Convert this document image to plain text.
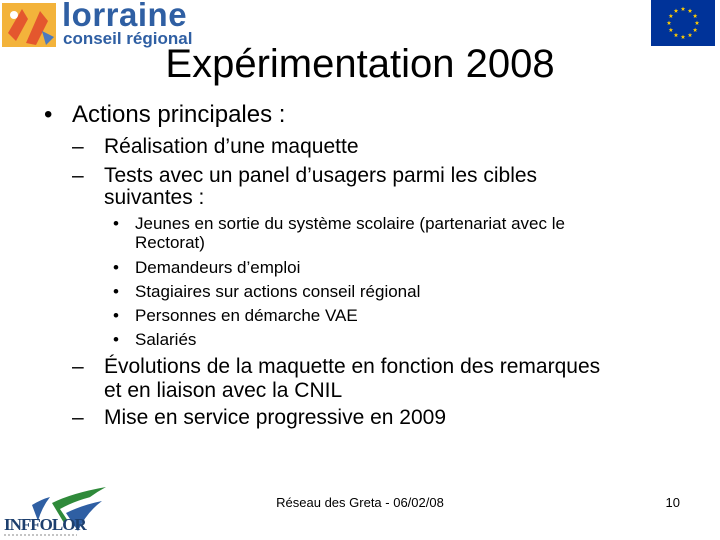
lorraine
conseil régional
Expérimentation 2008
• Actions principales :
– Réalisation d’une maquette
– Tests avec un panel d’usagers parmi les cibles
suivantes :
• Jeunes en sortie du système scolaire (partenariat avec le
Rectorat)
• Demandeurs d’emploi
• Stagiaires sur actions conseil régional
• Personnes en démarche VAE
• Salariés
– Évolutions de la maquette en fonction des remarques
et en liaison avec la CNIL
– Mise en service progressive en 2009
INFFOLOR
Réseau des Greta - 06/02/08	10
